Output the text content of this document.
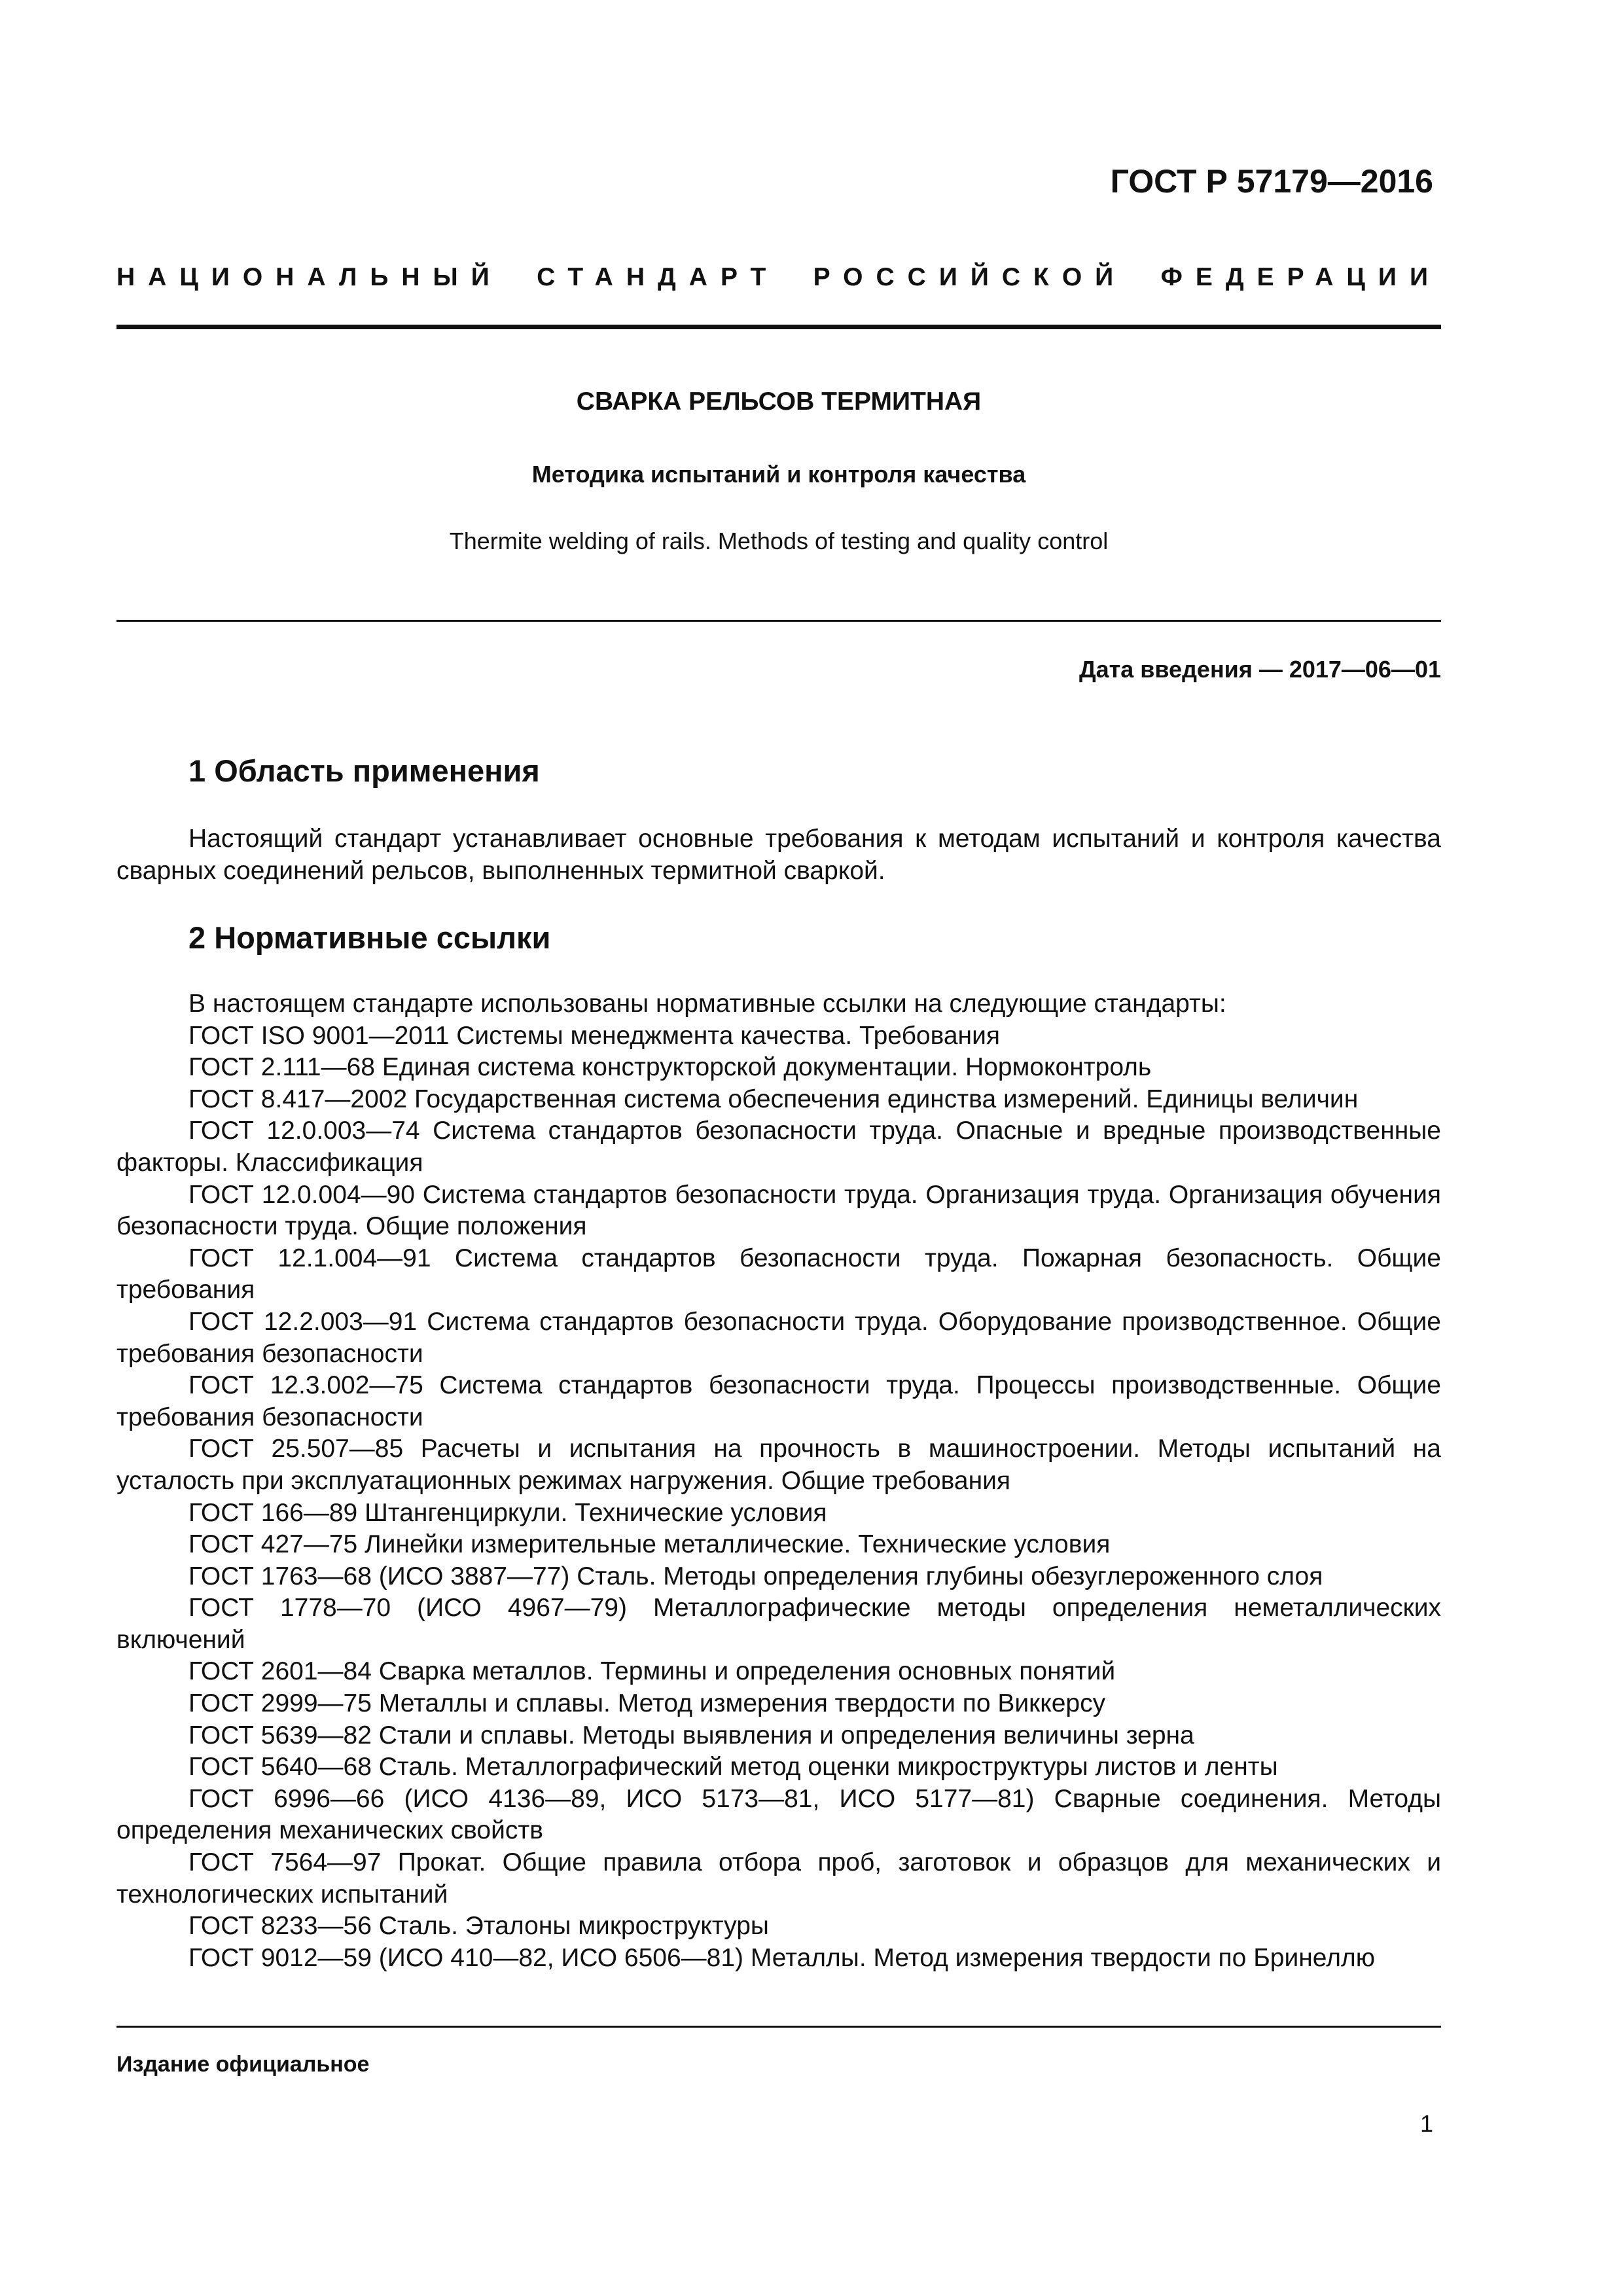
ГОСТ Р 57179—2016
НАЦИОНАЛЬНЫЙ СТАНДАРТ РОССИЙСКОЙ ФЕДЕРАЦИИ
СВАРКА РЕЛЬСОВ ТЕРМИТНАЯ
Методика испытаний и контроля качества
Thermite welding of rails. Methods of testing and quality control
Дата введения — 2017—06—01
1 Область применения

Настоящий стандарт устанавливает основные требования к методам испытаний и контроля качества сварных соединений рельсов, выполненных термитной сваркой.

2 Нормативные ссылки

В настоящем стандарте использованы нормативные ссылки на следующие стандарты:

ГОСТ ISO 9001—2011 Системы менеджмента качества. Требования

ГОСТ 2.111—68 Единая система конструкторской документации. Нормоконтроль

ГОСТ 8.417—2002 Государственная система обеспечения единства измерений. Единицы величин

ГОСТ 12.0.003—74 Система стандартов безопасности труда. Опасные и вредные производственные факторы. Классификация

ГОСТ 12.0.004—90 Система стандартов безопасности труда. Организация труда. Организация обучения безопасности труда. Общие положения

ГОСТ 12.1.004—91 Система стандартов безопасности труда. Пожарная безопасность. Общие требования

ГОСТ 12.2.003—91 Система стандартов безопасности труда. Оборудование производственное. Общие требования безопасности

ГОСТ 12.3.002—75 Система стандартов безопасности труда. Процессы производственные. Общие требования безопасности

ГОСТ 25.507—85 Расчеты и испытания на прочность в машиностроении. Методы испытаний на усталость при эксплуатационных режимах нагружения. Общие требования

ГОСТ 166—89 Штангенциркули. Технические условия

ГОСТ 427—75 Линейки измерительные металлические. Технические условия

ГОСТ 1763—68 (ИСО 3887—77) Сталь. Методы определения глубины обезуглероженного слоя

ГОСТ 1778—70 (ИСО 4967—79) Металлографические методы определения неметаллических включений

ГОСТ 2601—84 Сварка металлов. Термины и определения основных понятий

ГОСТ 2999—75 Металлы и сплавы. Метод измерения твердости по Виккерсу

ГОСТ 5639—82 Стали и сплавы. Методы выявления и определения величины зерна

ГОСТ 5640—68 Сталь. Металлографический метод оценки микроструктуры листов и ленты

ГОСТ 6996—66 (ИСО 4136—89, ИСО 5173—81, ИСО 5177—81) Сварные соединения. Методы определения механических свойств

ГОСТ 7564—97 Прокат. Общие правила отбора проб, заготовок и образцов для механических и технологических испытаний

ГОСТ 8233—56 Сталь. Эталоны микроструктуры

ГОСТ 9012—59 (ИСО 410—82, ИСО 6506—81) Металлы. Метод измерения твердости по Бринеллю

Издание официальное
1
